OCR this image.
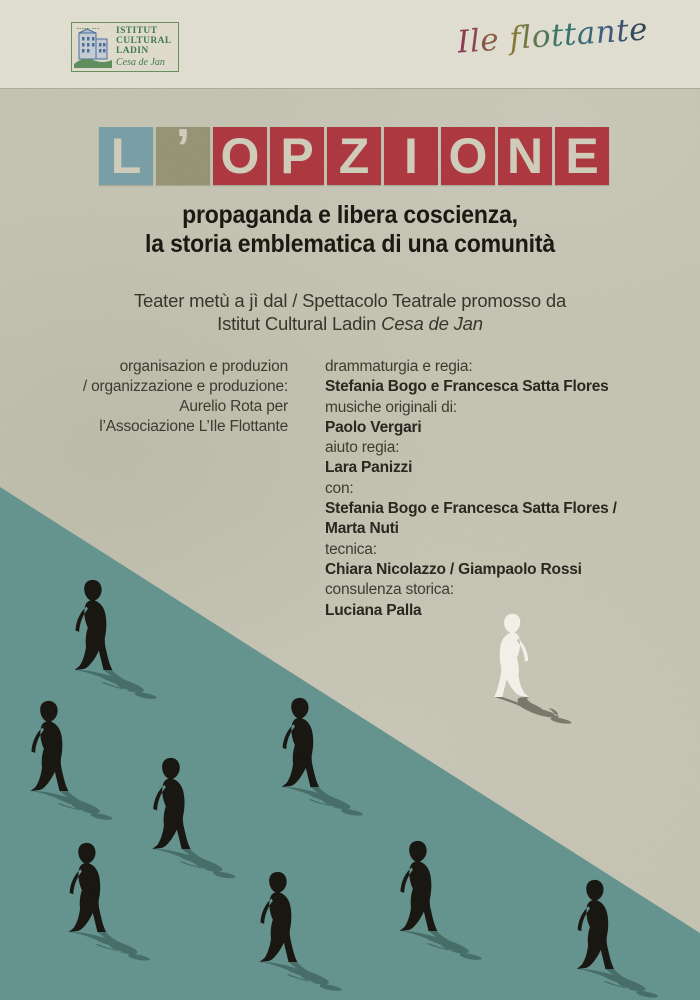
ISTITUT
CULTURAL
LADIN
Cesa de Jan
Ile flottante
L ’ O P Z I O N E
propaganda e libera coscienza,
la storia emblematica di una comunità
Teater metù a jì dal / Spettacolo Teatrale promosso da
Istitut Cultural Ladin Cesa de Jan
organisazion e produzion
/ organizzazione e produzione:
Aurelio Rota per
l’Associazione L’Ile Flottante
drammaturgia e regia:
Stefania Bogo e Francesca Satta Flores
musiche originali di:
Paolo Vergari
aiuto regia:
Lara Panizzi
con:
Stefania Bogo e Francesca Satta Flores /
Marta Nuti
tecnica:
Chiara Nicolazzo / Giampaolo Rossi
consulenza storica:
Luciana Palla
